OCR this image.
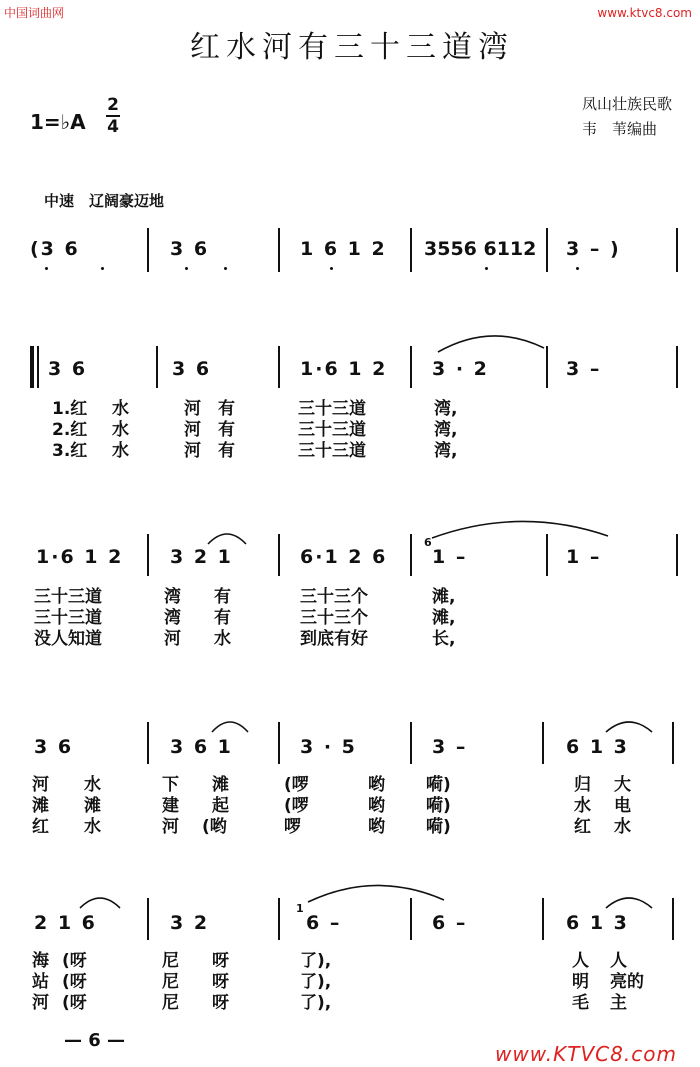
中国词曲网	www.ktvc8.com
www.KTVC8.com
红水河有三十三道湾
1=♭A
2
4
凤山壮族民歌
韦　苇编曲
中速　辽阔豪迈地
(3 6	3 6	1 6 1 2 3556 6112 3 – )
3 6	3 6	1·6 1 2 3 · 2	3 –
1.红 水	河 有	三十三道	湾,
2.红 水	河 有	三十三道	湾,
3.红 水	河 有	三十三道	湾,
1·6 1 2 3 2 1	6·1 2 6
6
1 –	1 –
三十三道	湾 有	三十三个	滩,
三十三道	湾 有	三十三个	滩,
没人知道	河 水	到底有好	长,
3 6	3 6 1	3 · 5	3 –	6 1 3
河 水	下 滩	(啰	哟 嗬)	归 大
滩 滩	建 起	(啰	哟 嗬)	水 电
红 水	河 (哟	啰	哟 嗬)	红 水
2 1 6	3 2
1
6 –	6 –	6 1 3
海 (呀	尼 呀	了),	人 人
站 (呀	尼 呀	了),	明 亮的
河 (呀	尼 呀	了),	毛 主
— 6 —
